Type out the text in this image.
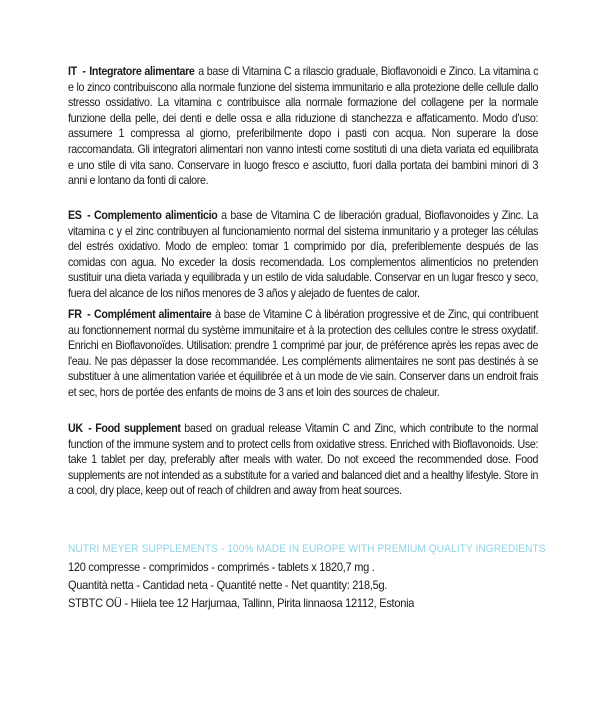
IT - Integratore alimentare a base di Vitamina C a rilascio graduale, Bioflavonoidi e Zinco. La vitamina c e lo zinco contribuiscono alla normale funzione del sistema immunitario e alla protezione delle cellule dallo stresso ossidativo. La vitamina c contribuisce alla normale formazione del collagene per la normale funzione della pelle, dei denti e delle ossa e alla riduzione di stanchezza e affaticamento. Modo d'uso: assumere 1 compressa al giorno, preferibilmente dopo i pasti con acqua. Non superare la dose raccomandata. Gli integratori alimentari non vanno intesti come sostituti di una dieta variata ed equilibrata e uno stile di vita sano. Conservare in luogo fresco e asciutto, fuori dalla portata dei bambini minori di 3 anni e lontano da fonti di calore.

ES - Complemento alimenticio a base de Vitamina C de liberación gradual, Bioflavonoides y Zinc. La vitamina c y el zinc contribuyen al funcionamiento normal del sistema inmunitario y a proteger las células del estrés oxidativo. Modo de empleo: tomar 1 comprimido por día, preferiblemente después de las comidas con agua. No exceder la dosis recomendada. Los complementos alimenticios no pretenden sustituir una dieta variada y equilibrada y un estilo de vida saludable. Conservar en un lugar fresco y seco, fuera del alcance de los niños menores de 3 años y alejado de fuentes de calor.

FR - Complément alimentaire à base de Vitamine C à libération progressive et de Zinc, qui contribuent au fonctionnement normal du système immunitaire et à la protection des cellules contre le stress oxydatif. Enrichi en Bioflavonoïdes. Utilisation: prendre 1 comprimé par jour, de préférence après les repas avec de l'eau. Ne pas dépasser la dose recommandée. Les compléments alimentaires ne sont pas destinés à se substituer à une alimentation variée et équilibrée et à un mode de vie sain. Conserver dans un endroit frais et sec, hors de portée des enfants de moins de 3 ans et loin des sources de chaleur.

UK - Food supplement based on gradual release Vitamin C and Zinc, which contribute to the normal function of the immune system and to protect cells from oxidative stress. Enriched with Bioflavonoids. Use: take 1 tablet per day, preferably after meals with water. Do not exceed the recommended dose. Food supplements are not intended as a substitute for a varied and balanced diet and a healthy lifestyle. Store in a cool, dry place, keep out of reach of children and away from heat sources.

NUTRI MEYER SUPPLEMENTS - 100% MADE IN EUROPE WITH PREMIUM QUALITY INGREDIENTS
120 compresse - comprimidos - comprimés - tablets x 1820,7 mg .
Quantità netta - Cantidad neta - Quantité nette - Net quantity: 218,5g.
STBTC OÜ - Hiiela tee 12 Harjumaa, Tallinn, Pirita linnaosa 12112, Estonia
